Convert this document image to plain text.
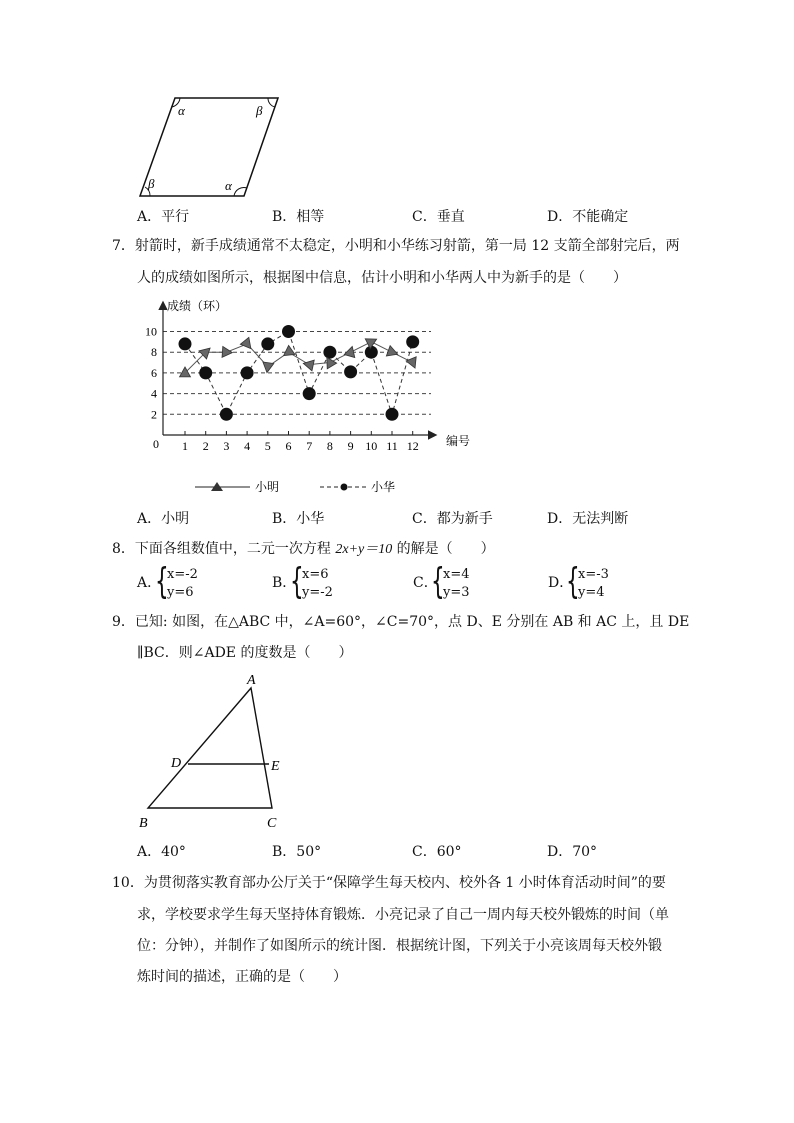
α	β
β	α
A．平行	B．相等	C．垂直	D．不能确定
7．射箭时，新手成绩通常不太稳定，小明和小华练习射箭，第一局 12 支箭全部射完后，两
人的成绩如图所示，根据图中信息，估计小明和小华两人中为新手的是（　　）
成绩（环）
编号
0
2
4
6
8
10
1 2 3 4 5 6 7 8 9 10 11 12
小明	小华
A．小明	B．小华	C．都为新手	D．无法判断
8．下面各组数值中，二元一次方程 2x+y＝10 的解是（　　）
A．
{
x=-2
y=6
B．
{
x=6
y=-2
C．
{
x=4
y=3
D．
{
x=-3
y=4
9．已知: 如图，在△ABC 中，∠A=60°，∠C=70°，点 D、E 分别在 AB 和 AC 上，且 DE
∥BC．则∠ADE 的度数是（　　）
A
B	C
D	E
A．40°	B．50°	C．60°	D．70°
10．为贯彻落实教育部办公厅关于“保障学生每天校内、校外各 1 小时体育活动时间”的要
求，学校要求学生每天坚持体育锻炼．小亮记录了自己一周内每天校外锻炼的时间（单
位：分钟），并制作了如图所示的统计图．根据统计图，下列关于小亮该周每天校外锻
炼时间的描述，正确的是（　　）
